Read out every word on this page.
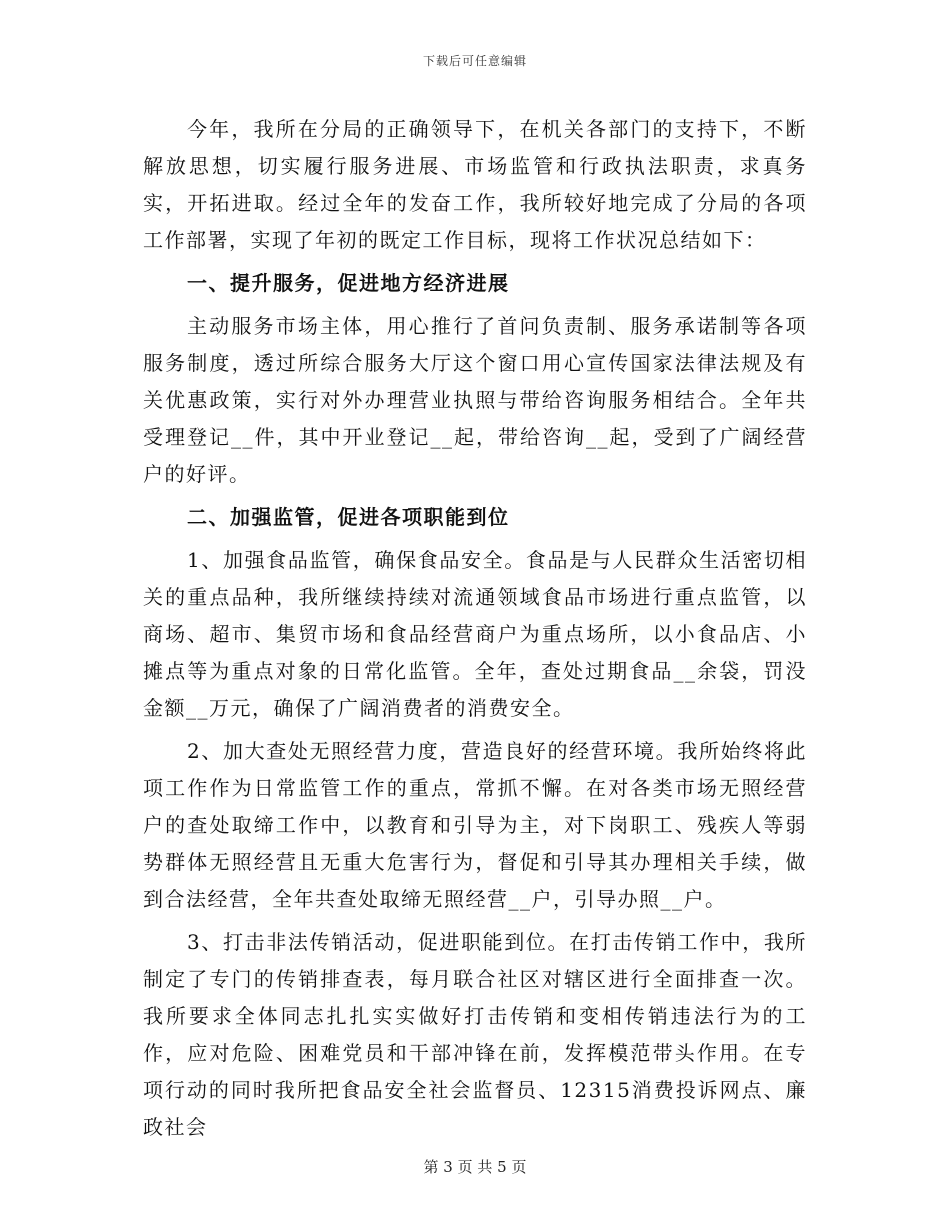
下载后可任意编辑

今年，我所在分局的正确领导下，在机关各部门的支持下，不断解放思想，切实履行服务进展、市场监管和行政执法职责，求真务实，开拓进取。经过全年的发奋工作，我所较好地完成了分局的各项工作部署，实现了年初的既定工作目标，现将工作状况总结如下：

一、提升服务，促进地方经济进展

主动服务市场主体，用心推行了首问负责制、服务承诺制等各项服务制度，透过所综合服务大厅这个窗口用心宣传国家法律法规及有关优惠政策，实行对外办理营业执照与带给咨询服务相结合。全年共受理登记__件，其中开业登记__起，带给咨询__起，受到了广阔经营户的好评。

二、加强监管，促进各项职能到位

1、加强食品监管，确保食品安全。食品是与人民群众生活密切相关的重点品种，我所继续持续对流通领域食品市场进行重点监管，以商场、超市、集贸市场和食品经营商户为重点场所，以小食品店、小摊点等为重点对象的日常化监管。全年，查处过期食品__余袋，罚没金额__万元，确保了广阔消费者的消费安全。

2、加大查处无照经营力度，营造良好的经营环境。我所始终将此项工作作为日常监管工作的重点，常抓不懈。在对各类市场无照经营户的查处取缔工作中，以教育和引导为主，对下岗职工、残疾人等弱势群体无照经营且无重大危害行为，督促和引导其办理相关手续，做到合法经营，全年共查处取缔无照经营__户，引导办照__户。

3、打击非法传销活动，促进职能到位。在打击传销工作中，我所制定了专门的传销排查表，每月联合社区对辖区进行全面排查一次。我所要求全体同志扎扎实实做好打击传销和变相传销违法行为的工作，应对危险、困难党员和干部冲锋在前，发挥模范带头作用。在专项行动的同时我所把食品安全社会监督员、12315消费投诉网点、廉政社会

第 3 页 共 5 页
